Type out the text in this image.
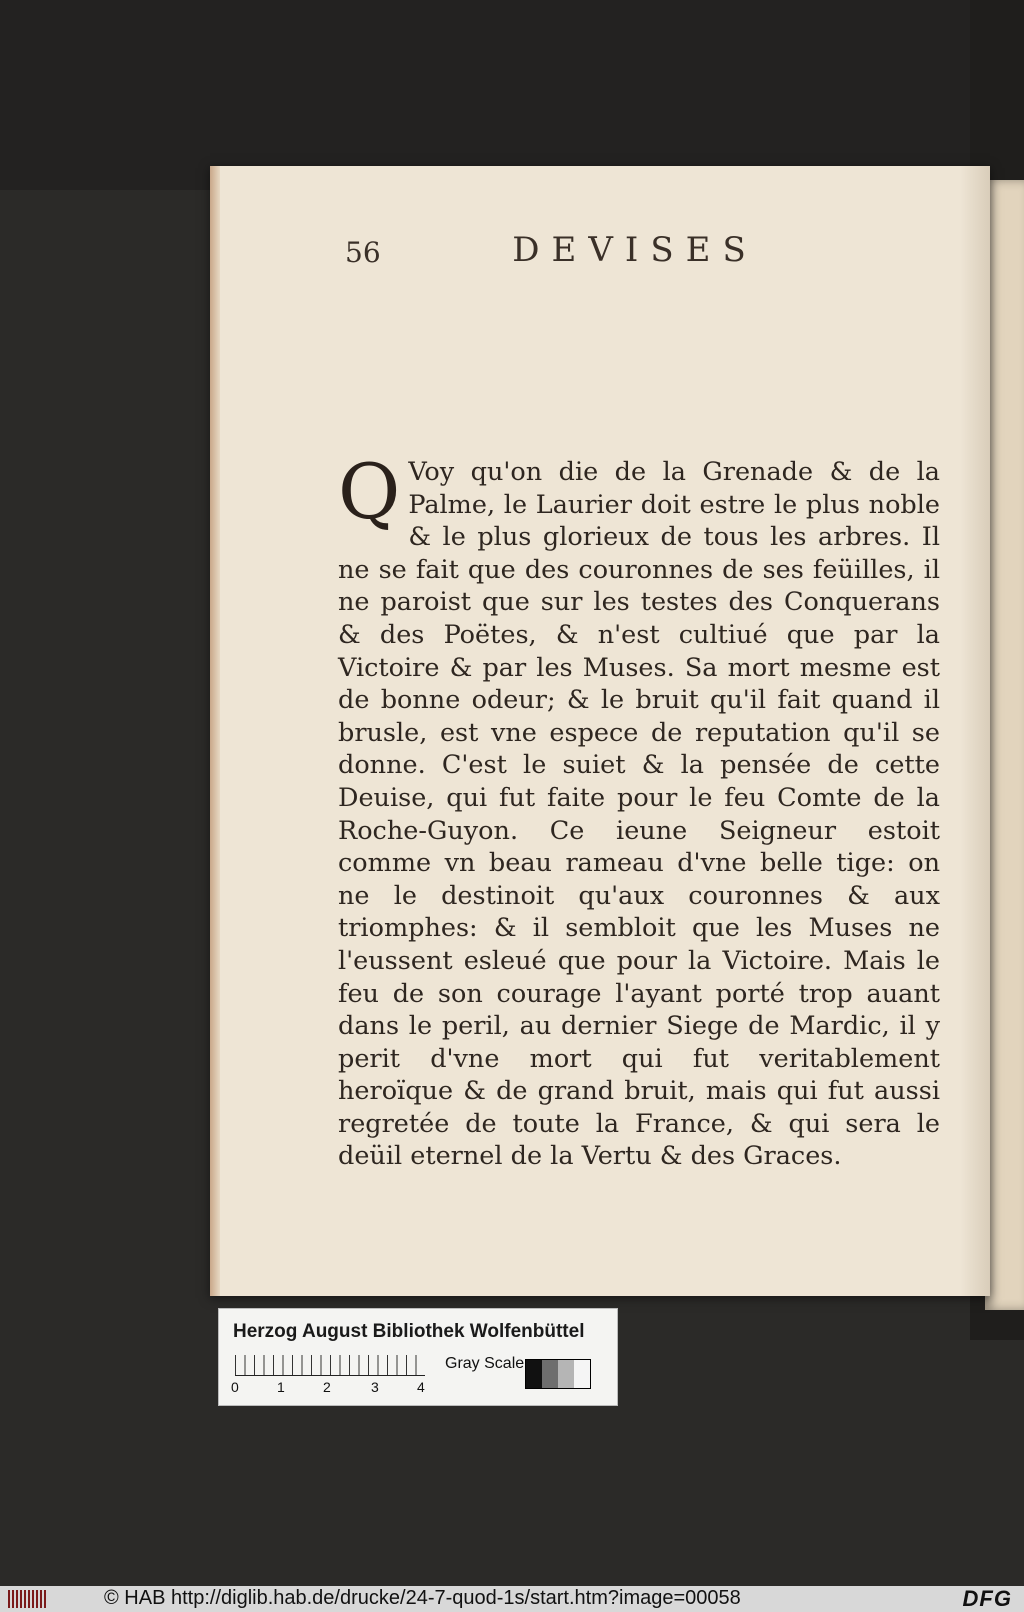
56	DEVISES
Q Voy qu'on die de la Grenade & de la Palme, le Laurier doit estre le plus noble & le plus glorieux de tous les arbres. Il ne se fait que des couronnes de ses feüilles, il ne paroist que sur les testes des Conquerans & des Poëtes, & n'est cultiué que par la Victoire & par les Muses. Sa mort mesme est de bonne odeur; & le bruit qu'il fait quand il brusle, est vne espece de reputation qu'il se donne. C'est le suiet & la pensée de cette Deuise, qui fut faite pour le feu Comte de la Roche-Guyon. Ce ieune Seigneur estoit comme vn beau rameau d'vne belle tige: on ne le destinoit qu'aux couronnes & aux triomphes: & il sembloit que les Muses ne l'eussent esleué que pour la Victoire. Mais le feu de son courage l'ayant porté trop auant dans le peril, au dernier Siege de Mardic, il y perit d'vne mort qui fut veritablement heroïque & de grand bruit, mais qui fut aussi regretée de toute la France, & qui sera le deüil eternel de la Vertu & des Graces.
Herzog August Bibliothek Wolfenbüttel
0	1	2	3	4
Gray Scale
© HAB http://diglib.hab.de/drucke/24-7-quod-1s/start.htm?image=00058	DFG
